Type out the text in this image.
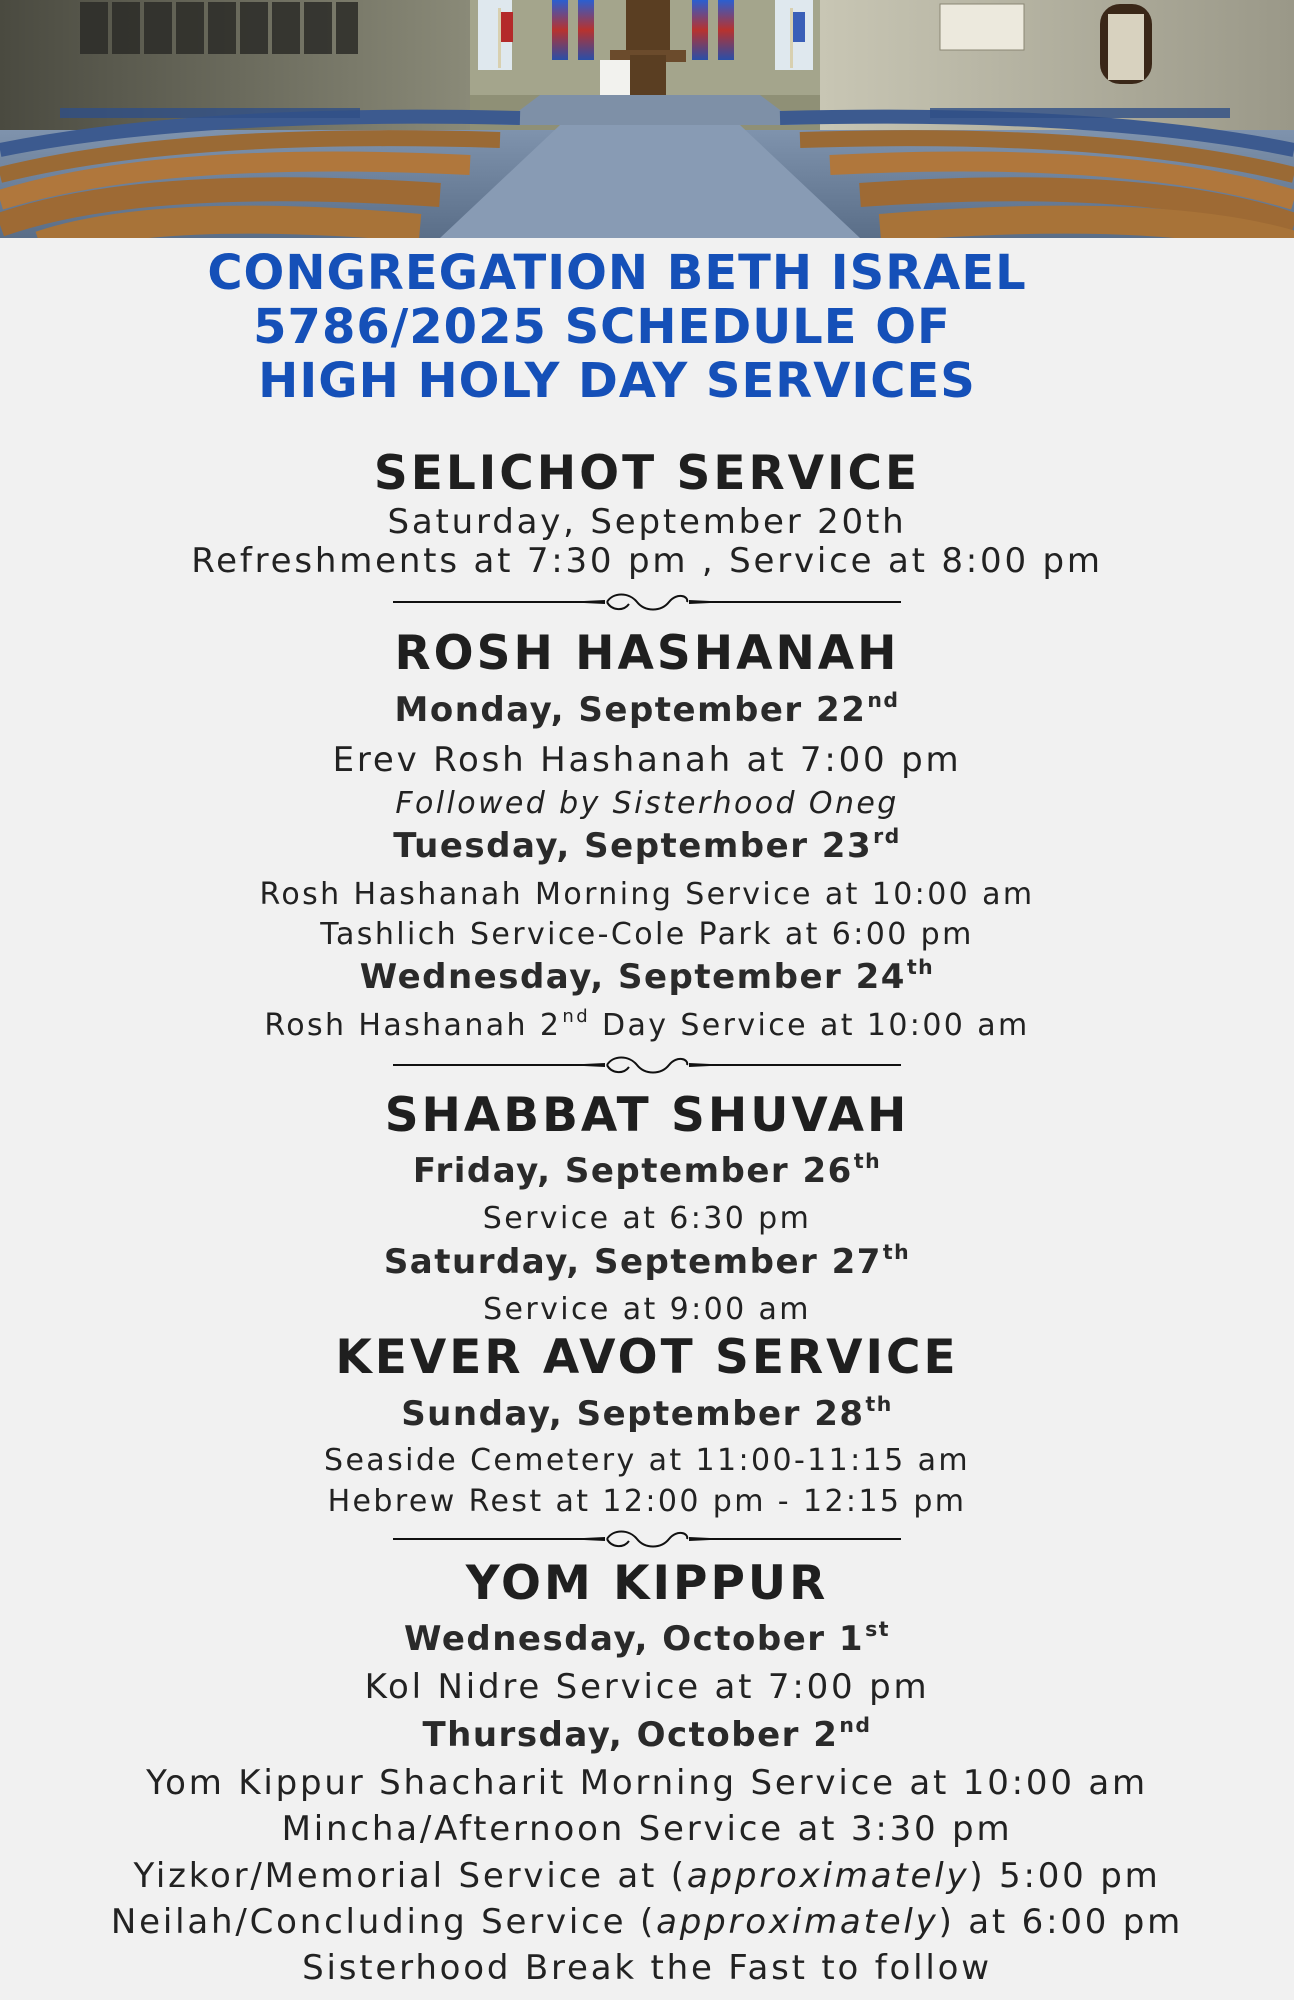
CONGREGATION BETH ISRAEL
5786/2025 SCHEDULE OF
HIGH HOLY DAY SERVICES
SELICHOT SERVICE
Saturday, September 20th
Refreshments at 7:30 pm , Service at 8:00 pm
ROSH HASHANAH
Monday, September 22nd
Erev Rosh Hashanah at 7:00 pm
Followed by Sisterhood Oneg
Tuesday, September 23rd
Rosh Hashanah Morning Service at 10:00 am
Tashlich Service-Cole Park at 6:00 pm
Wednesday, September 24th
Rosh Hashanah 2nd Day Service at 10:00 am
SHABBAT SHUVAH
Friday, September 26th
Service at 6:30 pm
Saturday, September 27th
Service at 9:00 am
KEVER AVOT SERVICE
Sunday, September 28th
Seaside Cemetery at 11:00-11:15 am
Hebrew Rest at 12:00 pm - 12:15 pm
YOM KIPPUR
Wednesday, October 1st
Kol Nidre Service at 7:00 pm
Thursday, October 2nd
Yom Kippur Shacharit Morning Service at 10:00 am
Mincha/Afternoon Service at 3:30 pm
Yizkor/Memorial Service at (approximately) 5:00 pm
Neilah/Concluding Service (approximately) at 6:00 pm
Sisterhood Break the Fast to follow
